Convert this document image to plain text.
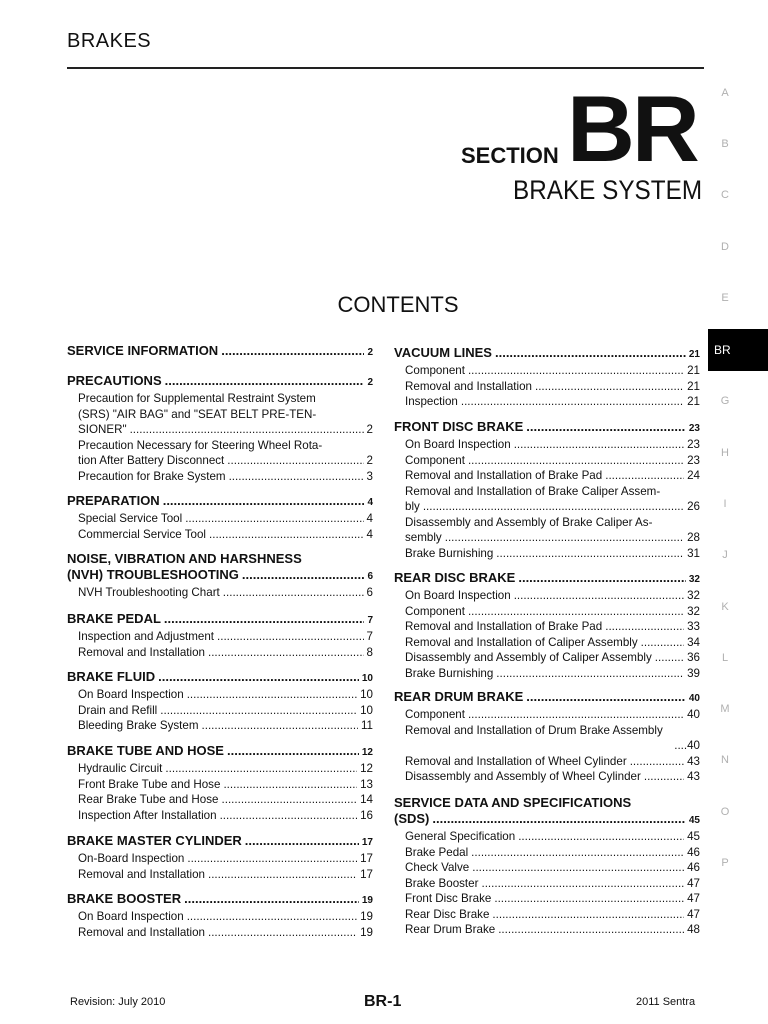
BRAKES
SECTION BR
BRAKE SYSTEM
CONTENTS
SERVICE INFORMATION .....	2
PRECAUTIONS .....	2
Precaution for Supplemental Restraint System
(SRS) "AIR BAG" and "SEAT BELT PRE-TEN-
SIONER" .....	2
Precaution Necessary for Steering Wheel Rota-
tion After Battery Disconnect .....	2
Precaution for Brake System .....	3
PREPARATION .....	4
Special Service Tool .....	4
Commercial Service Tool .....	4
NOISE, VIBRATION AND HARSHNESS
(NVH) TROUBLESHOOTING .....	6
NVH Troubleshooting Chart .....	6
BRAKE PEDAL .....	7
Inspection and Adjustment .....	7
Removal and Installation .....	8
BRAKE FLUID .....	10
On Board Inspection .....	10
Drain and Refill .....	10
Bleeding Brake System .....	11
BRAKE TUBE AND HOSE .....	12
Hydraulic Circuit .....	12
Front Brake Tube and Hose .....	13
Rear Brake Tube and Hose .....	14
Inspection After Installation .....	16
BRAKE MASTER CYLINDER .....	17
On-Board Inspection .....	17
Removal and Installation .....	17
BRAKE BOOSTER .....	19
On Board Inspection .....	19
Removal and Installation .....	19
VACUUM LINES .....	21
Component .....	21
Removal and Installation .....	21
Inspection .....	21
FRONT DISC BRAKE .....	23
On Board Inspection .....	23
Component .....	23
Removal and Installation of Brake Pad .....	24
Removal and Installation of Brake Caliper Assem-
bly .....	26
Disassembly and Assembly of Brake Caliper As-
sembly .....	28
Brake Burnishing .....	31
REAR DISC BRAKE .....	32
On Board Inspection .....	32
Component .....	32
Removal and Installation of Brake Pad .....	33
Removal and Installation of Caliper Assembly .....	34
Disassembly and Assembly of Caliper Assembly .....	36
Brake Burnishing .....	39
REAR DRUM BRAKE .....	40
Component .....	40
Removal and Installation of Drum Brake Assembly
....40
Removal and Installation of Wheel Cylinder .....	43
Disassembly and Assembly of Wheel Cylinder .....	43
SERVICE DATA AND SPECIFICATIONS
(SDS) .....	45
General Specification .....	45
Brake Pedal .....	46
Check Valve .....	46
Brake Booster .....	47
Front Disc Brake .....	47
Rear Disc Brake .....	47
Rear Drum Brake .....	48
A
B
C
D
E
BR
G
H
I
J
K
L
M
N
O
P
Revision: July 2010	BR-1	2011 Sentra
